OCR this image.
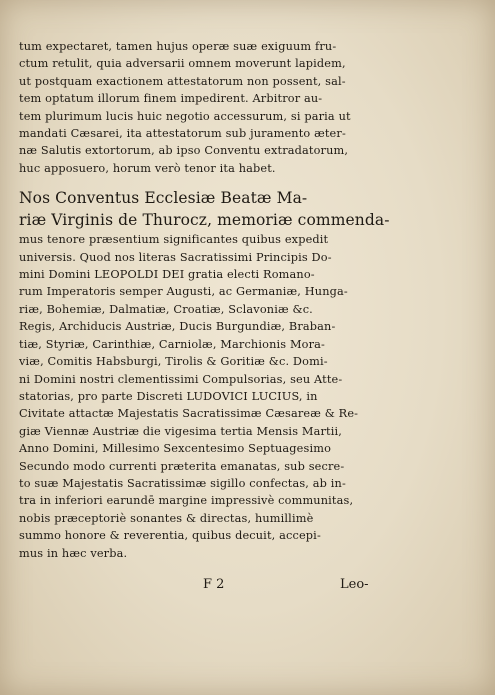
tum expectaret, tamen hujus operæ suæ exiguum fru-
ctum retulit, quia adversarii omnem moverunt lapidem,
ut postquam exactionem attestatorum non possent, sal-
tem optatum illorum finem impedirent. Arbitror au-
tem plurimum lucis huic negotio accessurum, si paria ut
mandati Cæsarei, ita attestatorum sub juramento æter-
næ Salutis extortorum, ab ipso Conventu extradatorum,
huc apposuero, horum verò tenor ita habet.
Nos Conventus Ecclesiæ Beatæ Ma-
riæ Virginis de Thurocz, memoriæ commenda-
mus tenore præsentium significantes quibus expedit
universis. Quod nos literas Sacratissimi Principis Do-
mini Domini LEOPOLDI DEI gratia electi Romano-
rum Imperatoris semper Augusti, ac Germaniæ, Hunga-
riæ, Bohemiæ, Dalmatiæ, Croatiæ, Sclavoniæ &c.
Regis, Archiducis Austriæ, Ducis Burgundiæ, Braban-
tiæ, Styriæ, Carinthiæ, Carniolæ, Marchionis Mora-
viæ, Comitis Habsburgi, Tirolis & Goritiæ &c. Domi-
ni Domini nostri clementissimi Compulsorias, seu Atte-
statorias, pro parte Discreti LUDOVICI LUCIUS, in
Civitate attactæ Majestatis Sacratissimæ Cæsareæ & Re-
giæ Viennæ Austriæ die vigesima tertia Mensis Martii,
Anno Domini, Millesimo Sexcentesimo Septuagesimo
Secundo modo currenti præterita emanatas, sub secre-
to suæ Majestatis Sacratissimæ sigillo confectas, ab in-
tra in inferiori earundē margine impressivè communitas,
nobis præceptoriè sonantes & directas, humillimè
summo honore & reverentia, quibus decuit, accepi-
mus in hæc verba.
F 2	Leo-
